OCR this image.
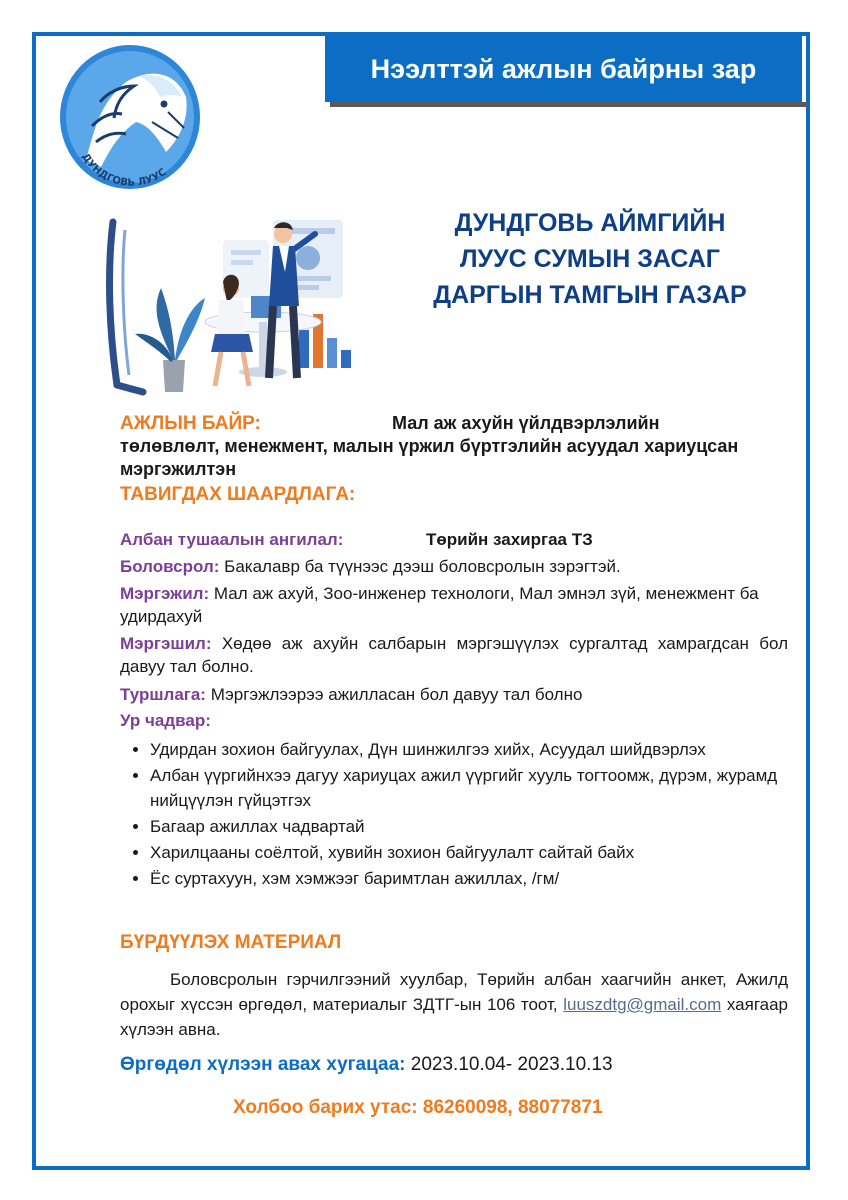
Нээлттэй ажлын байрны зар
ДУНДГОВЬ ЛУУС
ДУНДГОВЬ АЙМГИЙН
ЛУУС СУМЫН ЗАСАГ
ДАРГЫН ТАМГЫН ГАЗАР
АЖЛЫН БАЙР:	Мал аж ахуйн үйлдвэрлэлийн
төлөвлөлт, менежмент, малын үржил бүртгэлийн асуудал хариуцсан мэргэжилтэн
ТАВИГДАХ ШААРДЛАГА:
Албан тушаалын ангилал:	Төрийн захиргаа ТЗ
Боловсрол: Бакалавр ба түүнээс дээш боловсролын зэрэгтэй.
Мэргэжил: Мал аж ахуй, Зоо-инженер технологи, Мал эмнэл зүй, менежмент ба удирдахуй
Мэргэшил: Хөдөө аж ахуйн салбарын мэргэшүүлэх сургалтад хамрагдсан бол давуу тал болно.
Туршлага: Мэргэжлээрээ ажилласан бол давуу тал болно
Ур чадвар:
• Удирдан зохион байгуулах, Дүн шинжилгээ хийх, Асуудал шийдвэрлэх
• Албан үүргийнхээ дагуу хариуцах ажил үүргийг хууль тогтоомж, дүрэм, журамд нийцүүлэн гүйцэтгэх
• Багаар ажиллах чадвартай
• Харилцааны соёлтой, хувийн зохион байгуулалт сайтай байх
• Ёс суртахуун, хэм хэмжээг баримтлан ажиллах, /гм/
БҮРДҮҮЛЭХ МАТЕРИАЛ
Боловсролын гэрчилгээний хуулбар, Төрийн албан хаагчийн анкет, Ажилд орохыг хүссэн өргөдөл, материалыг ЗДТГ-ын 106 тоот, luuszdtg@gmail.com хаягаар хүлээн авна.
Өргөдөл хүлээн авах хугацаа: 2023.10.04- 2023.10.13
Холбоо барих утас: 86260098, 88077871
